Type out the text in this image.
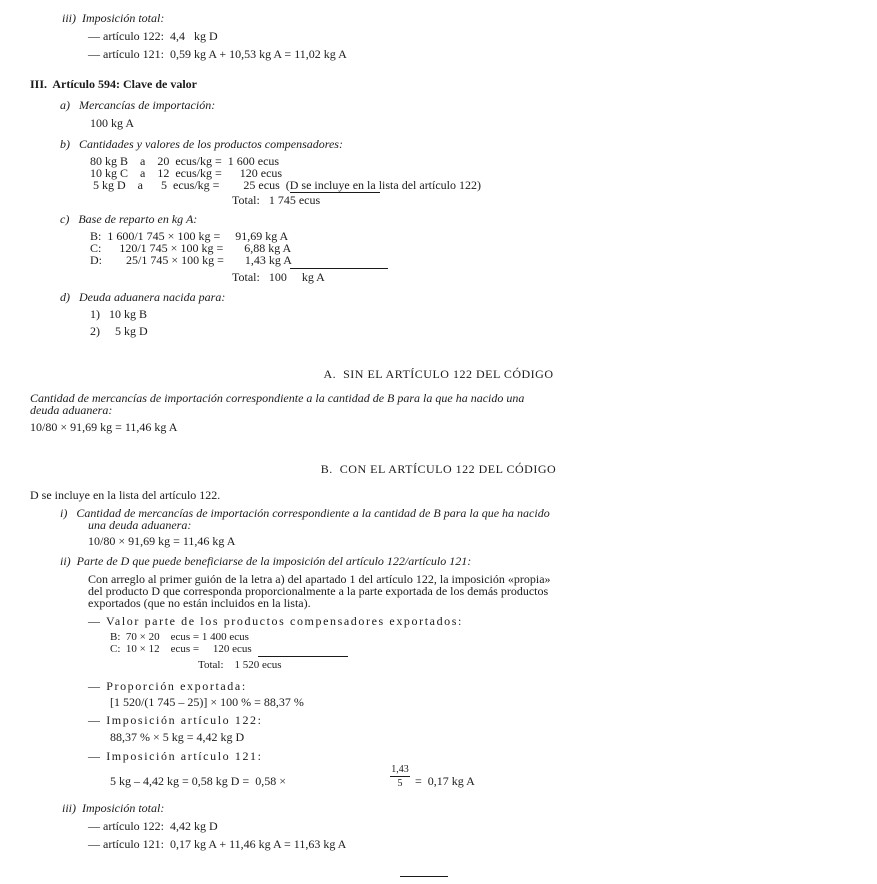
iii)  Imposición total:
— artículo 122:  4,4   kg D
— artículo 121:  0,59 kg A + 10,53 kg A = 11,02 kg A
III.  Artículo 594: Clave de valor
a)   Mercancías de importación:
100 kg A
b)   Cantidades y valores de los productos compensadores:
80 kg B    a    20  ecus/kg =  1 600 ecus
10 kg C    a    12  ecus/kg =      120 ecus
5 kg D    a      5  ecus/kg =        25 ecus  (D se incluye en la lista del artículo 122)
Total:   1 745 ecus
c)   Base de reparto en kg A:
B:  1 600/1 745 × 100 kg =     91,69 kg A
C:      120/1 745 × 100 kg =       6,88 kg A
D:        25/1 745 × 100 kg =       1,43 kg A
Total:   100     kg A
d)   Deuda aduanera nacida para:
1)   10 kg B
2)     5 kg D
A.  SIN EL ARTÍCULO 122 DEL CÓDIGO
Cantidad de mercancías de importación correspondiente a la cantidad de B para la que ha nacido una
deuda aduanera:
10/80 × 91,69 kg = 11,46 kg A
B.  CON EL ARTÍCULO 122 DEL CÓDIGO
D se incluye en la lista del artículo 122.
i)   Cantidad de mercancías de importación correspondiente a la cantidad de B para la que ha nacido
una deuda aduanera:
10/80 × 91,69 kg = 11,46 kg A
ii)  Parte de D que puede beneficiarse de la imposición del artículo 122/artículo 121:
Con arreglo al primer guión de la letra a) del apartado 1 del artículo 122, la imposición «propia»
del producto D que corresponda proporcionalmente a la parte exportada de los demás productos
exportados (que no están incluidos en la lista).
— Valor parte de los productos compensadores exportados:
B:  70 × 20    ecus = 1 400 ecus
C:  10 × 12    ecus =     120 ecus
Total:    1 520 ecus
— Proporción exportada:
[1 520/(1 745 – 25)] × 100 % = 88,37 %
— Imposición artículo 122:
88,37 % × 5 kg = 4,42 kg D
— Imposición artículo 121:
5 kg – 4,42 kg = 0,58 kg D =  0,58 ×
1,43
5	=  0,17 kg A
iii)  Imposición total:
— artículo 122:  4,42 kg D
— artículo 121:  0,17 kg A + 11,46 kg A = 11,63 kg A
